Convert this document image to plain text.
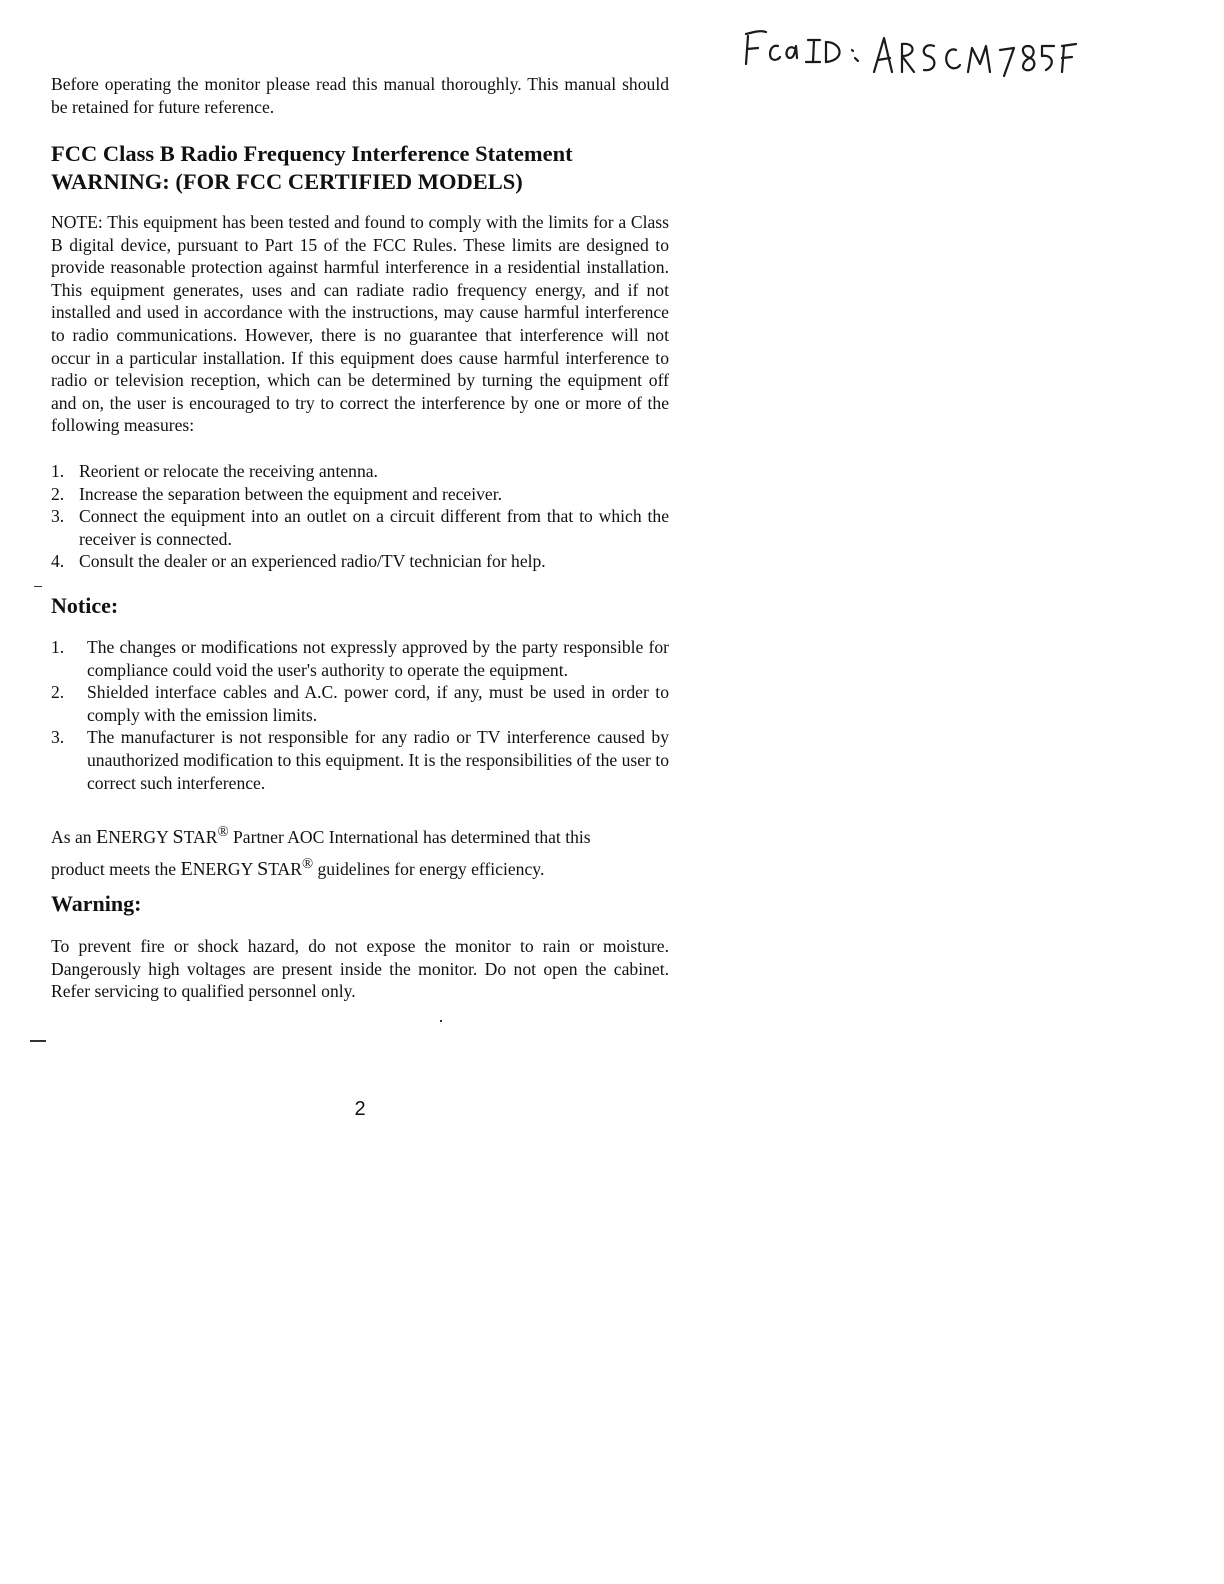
Before operating the monitor please read this manual thoroughly. This manual should be retained for future reference.

FCC Class B Radio Frequency Interference Statement
WARNING: (FOR FCC CERTIFIED MODELS)

NOTE: This equipment has been tested and found to comply with the limits for a Class B digital device, pursuant to Part 15 of the FCC Rules. These limits are designed to provide reasonable protection against harmful interference in a residential installation. This equipment generates, uses and can radiate radio frequency energy, and if not installed and used in accordance with the instructions, may cause harmful interference to radio communications. However, there is no guarantee that interference will not occur in a particular installation. If this equipment does cause harmful interference to radio or television reception, which can be determined by turning the equipment off and on, the user is encouraged to try to correct the interference by one or more of the following measures:

1. Reorient or relocate the receiving antenna.
2. Increase the separation between the equipment and receiver.
3. Connect the equipment into an outlet on a circuit different from that to which the receiver is connected.
4. Consult the dealer or an experienced radio/TV technician for help.
Notice:
1. The changes or modifications not expressly approved by the party responsible for compliance could void the user's authority to operate the equipment.
2. Shielded interface cables and A.C. power cord, if any, must be used in order to comply with the emission limits.
3. The manufacturer is not responsible for any radio or TV interference caused by unauthorized modification to this equipment. It is the responsibilities of the user to correct such interference.

As an ENERGY STAR® Partner AOC International has determined that this

product meets the ENERGY STAR® guidelines for energy efficiency.

Warning:

To prevent fire or shock hazard, do not expose the monitor to rain or moisture. Dangerously high voltages are present inside the monitor. Do not open the cabinet. Refer servicing to qualified personnel only.

2
